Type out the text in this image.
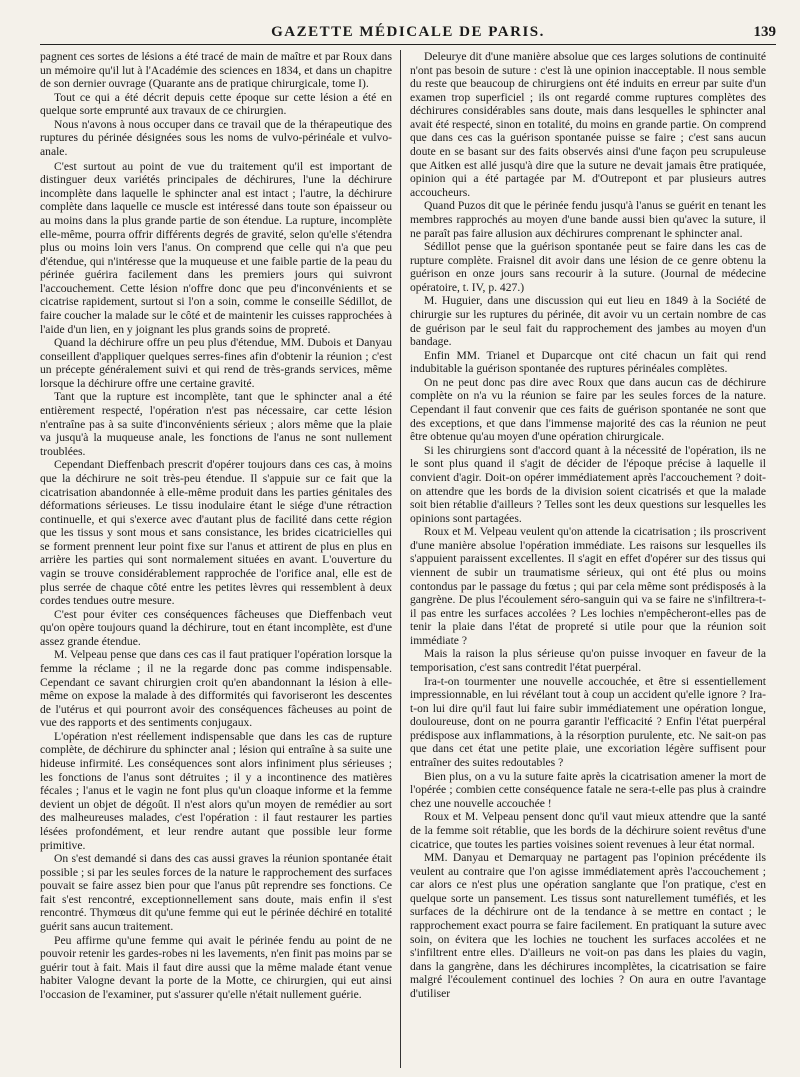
GAZETTE MÉDICALE DE PARIS.	139

pagnent ces sortes de lésions a été tracé de main de maître et par Roux dans un mémoire qu'il lut à l'Académie des sciences en 1834, et dans un chapitre de son dernier ouvrage (Quarante ans de pratique chirurgicale, tome I).

Tout ce qui a été décrit depuis cette époque sur cette lésion a été en quelque sorte emprunté aux travaux de ce chirurgien.

Nous n'avons à nous occuper dans ce travail que de la thérapeutique des ruptures du périnée désignées sous les noms de vulvo-périnéale et vulvo-anale.

C'est surtout au point de vue du traitement qu'il est important de distinguer deux variétés principales de déchirures, l'une la déchirure incomplète dans laquelle le sphincter anal est intact ; l'autre, la déchirure complète dans laquelle ce muscle est intéressé dans toute son épaisseur ou au moins dans la plus grande partie de son étendue. La rupture, incomplète elle-même, pourra offrir différents degrés de gravité, selon qu'elle s'étendra plus ou moins loin vers l'anus. On comprend que celle qui n'a que peu d'étendue, qui n'intéresse que la muqueuse et une faible partie de la peau du périnée guérira facilement dans les premiers jours qui suivront l'accouchement. Cette lésion n'offre donc que peu d'inconvénients et se cicatrise rapidement, surtout si l'on a soin, comme le conseille Sédillot, de faire coucher la malade sur le côté et de maintenir les cuisses rapprochées à l'aide d'un lien, en y joignant les plus grands soins de propreté.

Quand la déchirure offre un peu plus d'étendue, MM. Dubois et Danyau conseillent d'appliquer quelques serres-fines afin d'obtenir la réunion ; c'est un précepte généralement suivi et qui rend de très-grands services, même lorsque la déchirure offre une certaine gravité.

Tant que la rupture est incomplète, tant que le sphincter anal a été entièrement respecté, l'opération n'est pas nécessaire, car cette lésion n'entraîne pas à sa suite d'inconvénients sérieux ; alors même que la plaie va jusqu'à la muqueuse anale, les fonctions de l'anus ne sont nullement troublées.

Cependant Dieffenbach prescrit d'opérer toujours dans ces cas, à moins que la déchirure ne soit très-peu étendue. Il s'appuie sur ce fait que la cicatrisation abandonnée à elle-même produit dans les parties génitales des déformations sérieuses. Le tissu inodulaire étant le siége d'une rétraction continuelle, et qui s'exerce avec d'autant plus de facilité dans cette région que les tissus y sont mous et sans consistance, les brides cicatricielles qui se forment prennent leur point fixe sur l'anus et attirent de plus en plus en arrière les parties qui sont normalement situées en avant. L'ouverture du vagin se trouve considérablement rapprochée de l'orifice anal, elle est de plus serrée de chaque côté entre les petites lèvres qui ressemblent à deux cordes tendues outre mesure.

C'est pour éviter ces conséquences fâcheuses que Dieffenbach veut qu'on opère toujours quand la déchirure, tout en étant incomplète, est d'une assez grande étendue.

M. Velpeau pense que dans ces cas il faut pratiquer l'opération lorsque la femme la réclame ; il ne la regarde donc pas comme indispensable. Cependant ce savant chirurgien croit qu'en abandonnant la lésion à elle-même on expose la malade à des difformités qui favoriseront les descentes de l'utérus et qui pourront avoir des conséquences fâcheuses au point de vue des rapports et des sentiments conjugaux.

L'opération n'est réellement indispensable que dans les cas de rupture complète, de déchirure du sphincter anal ; lésion qui entraîne à sa suite une hideuse infirmité. Les conséquences sont alors infiniment plus sérieuses ; les fonctions de l'anus sont détruites ; il y a incontinence des matières fécales ; l'anus et le vagin ne font plus qu'un cloaque informe et la femme devient un objet de dégoût. Il n'est alors qu'un moyen de remédier au sort des malheureuses malades, c'est l'opération : il faut restaurer les parties lésées profondément, et leur rendre autant que possible leur forme primitive.

On s'est demandé si dans des cas aussi graves la réunion spontanée était possible ; si par les seules forces de la nature le rapprochement des surfaces pouvait se faire assez bien pour que l'anus pût reprendre ses fonctions. Ce fait s'est rencontré, exceptionnellement sans doute, mais enfin il s'est rencontré. Thymœus dit qu'une femme qui eut le périnée déchiré en totalité guérit sans aucun traitement.

Peu affirme qu'une femme qui avait le périnée fendu au point de ne pouvoir retenir les gardes-robes ni les lavements, n'en finit pas moins par se guérir tout à fait. Mais il faut dire aussi que la même malade étant venue habiter Valogne devant la porte de la Motte, ce chirurgien, qui eut ainsi l'occasion de l'examiner, put s'assurer qu'elle n'était nullement guérie.

Deleurye dit d'une manière absolue que ces larges solutions de continuité n'ont pas besoin de suture : c'est là une opinion inacceptable. Il nous semble du reste que beaucoup de chirurgiens ont été induits en erreur par suite d'un examen trop superficiel ; ils ont regardé comme ruptures complètes des déchirures considérables sans doute, mais dans lesquelles le sphincter anal avait été respecté, sinon en totalité, du moins en grande partie. On comprend que dans ces cas la guérison spontanée puisse se faire ; c'est sans aucun doute en se basant sur des faits observés ainsi d'une façon peu scrupuleuse que Aitken est allé jusqu'à dire que la suture ne devait jamais être pratiquée, opinion qui a été partagée par M. d'Outrepont et par plusieurs autres accoucheurs.

Quand Puzos dit que le périnée fendu jusqu'à l'anus se guérit en tenant les membres rapprochés au moyen d'une bande aussi bien qu'avec la suture, il ne paraît pas faire allusion aux déchirures comprenant le sphincter anal.

Sédillot pense que la guérison spontanée peut se faire dans les cas de rupture complète. Fraisnel dit avoir dans une lésion de ce genre obtenu la guérison en onze jours sans recourir à la suture. (Journal de médecine opératoire, t. IV, p. 427.)

M. Huguier, dans une discussion qui eut lieu en 1849 à la Société de chirurgie sur les ruptures du périnée, dit avoir vu un certain nombre de cas de guérison par le seul fait du rapprochement des jambes au moyen d'un bandage.

Enfin MM. Trianel et Duparcque ont cité chacun un fait qui rend indubitable la guérison spontanée des ruptures périnéales complètes.

On ne peut donc pas dire avec Roux que dans aucun cas de déchirure complète on n'a vu la réunion se faire par les seules forces de la nature. Cependant il faut convenir que ces faits de guérison spontanée ne sont que des exceptions, et que dans l'immense majorité des cas la réunion ne peut être obtenue qu'au moyen d'une opération chirurgicale.

Si les chirurgiens sont d'accord quant à la nécessité de l'opération, ils ne le sont plus quand il s'agit de décider de l'époque précise à laquelle il convient d'agir. Doit-on opérer immédiatement après l'accouchement ? doit-on attendre que les bords de la division soient cicatrisés et que la malade soit bien rétablie d'ailleurs ? Telles sont les deux questions sur lesquelles les opinions sont partagées.

Roux et M. Velpeau veulent qu'on attende la cicatrisation ; ils proscrivent d'une manière absolue l'opération immédiate. Les raisons sur lesquelles ils s'appuient paraissent excellentes. Il s'agit en effet d'opérer sur des tissus qui viennent de subir un traumatisme sérieux, qui ont été plus ou moins contondus par le passage du fœtus ; qui par cela même sont prédisposés à la gangrène. De plus l'écoulement séro-sanguin qui va se faire ne s'infiltrera-t-il pas entre les surfaces accolées ? Les lochies n'empêcheront-elles pas de tenir la plaie dans l'état de propreté si utile pour que la réunion soit immédiate ?

Mais la raison la plus sérieuse qu'on puisse invoquer en faveur de la temporisation, c'est sans contredit l'état puerpéral.

Ira-t-on tourmenter une nouvelle accouchée, et être si essentiellement impressionnable, en lui révélant tout à coup un accident qu'elle ignore ? Ira-t-on lui dire qu'il faut lui faire subir immédiatement une opération longue, douloureuse, dont on ne pourra garantir l'efficacité ? Enfin l'état puerpéral prédispose aux inflammations, à la résorption purulente, etc. Ne sait-on pas que dans cet état une petite plaie, une excoriation légère suffisent pour entraîner des suites redoutables ?

Bien plus, on a vu la suture faite après la cicatrisation amener la mort de l'opérée ; combien cette conséquence fatale ne sera-t-elle pas plus à craindre chez une nouvelle accouchée !

Roux et M. Velpeau pensent donc qu'il vaut mieux attendre que la santé de la femme soit rétablie, que les bords de la déchirure soient revêtus d'une cicatrice, que toutes les parties voisines soient revenues à leur état normal.

MM. Danyau et Demarquay ne partagent pas l'opinion précédente ils veulent au contraire que l'on agisse immédiatement après l'accouchement ; car alors ce n'est plus une opération sanglante que l'on pratique, c'est en quelque sorte un pansement. Les tissus sont naturellement tuméfiés, et les surfaces de la déchirure ont de la tendance à se mettre en contact ; le rapprochement exact pourra se faire facilement. En pratiquant la suture avec soin, on évitera que les lochies ne touchent les surfaces accolées et ne s'infiltrent entre elles. D'ailleurs ne voit-on pas dans les plaies du vagin, dans la gangrène, dans les déchirures incomplètes, la cicatrisation se faire malgré l'écoulement continuel des lochies ? On aura en outre l'avantage d'utiliser
